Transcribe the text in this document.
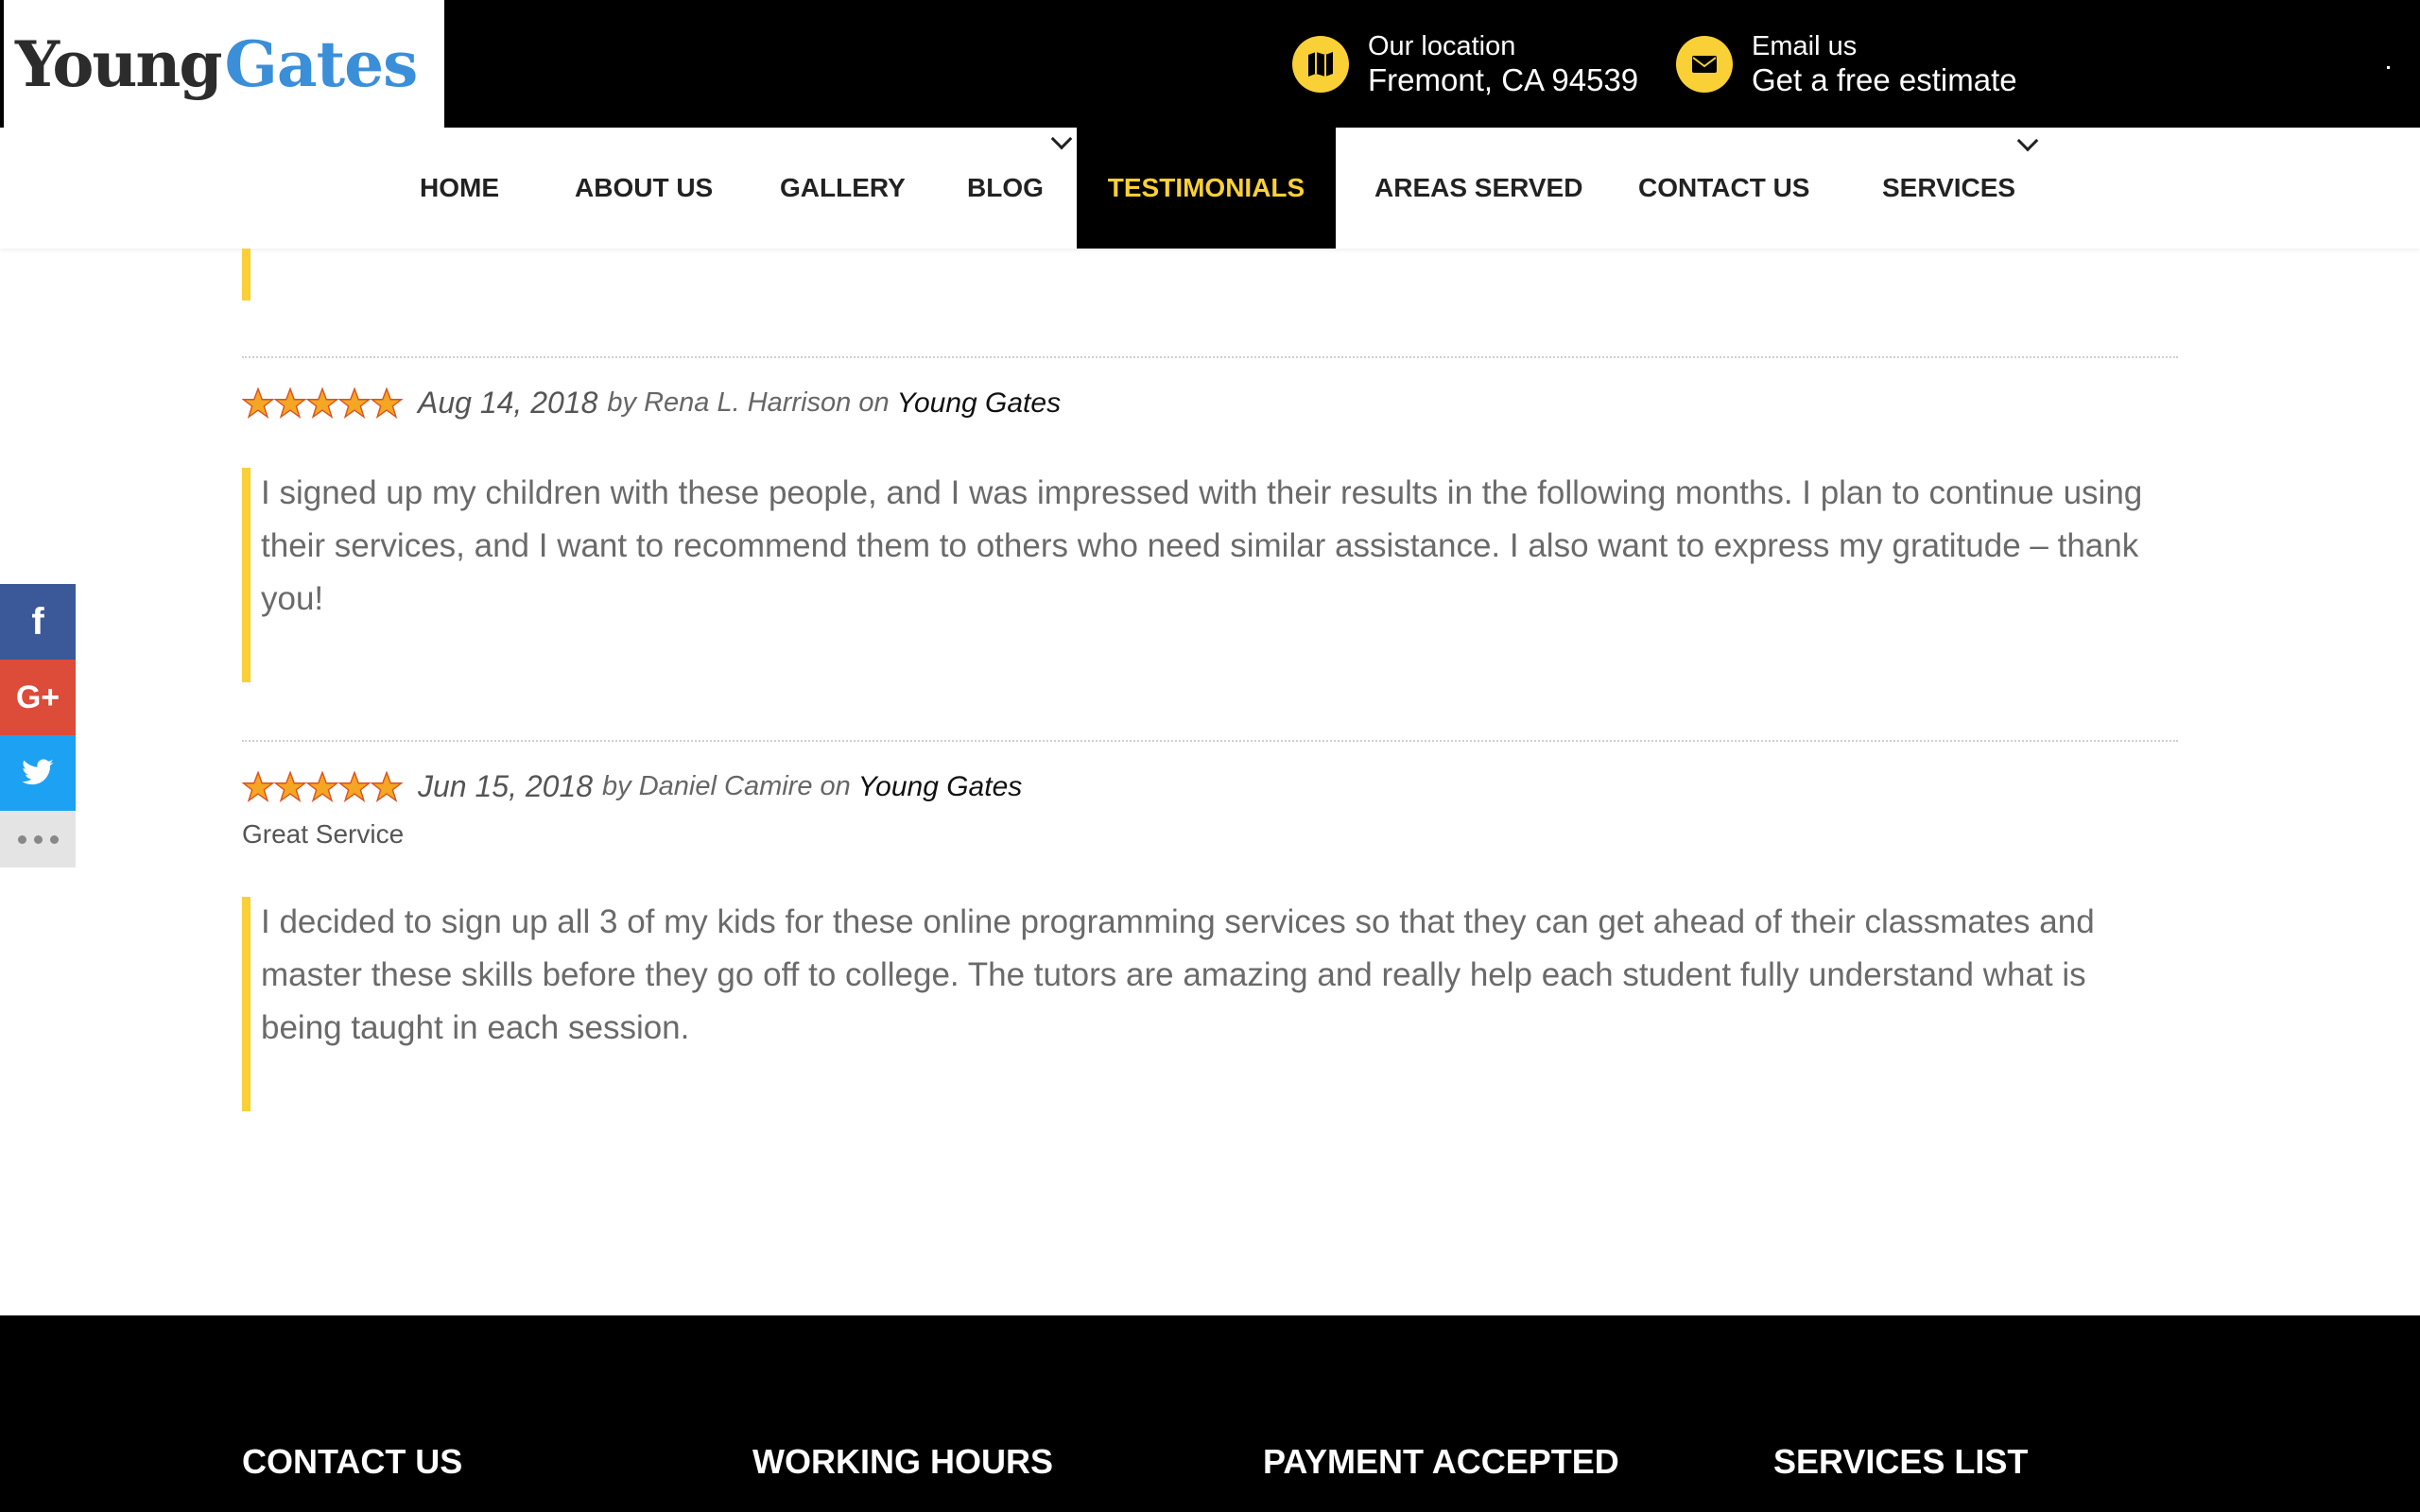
Young Gates	Our location
Fremont, CA 94539
Email us
Get a free estimate
HOME	ABOUT US	GALLERY BLOG	TESTIMONIALS	AREAS SERVED CONTACT US	SERVICES
Aug 14, 2018 by Rena L. Harrison on Young Gates
I signed up my children with these people, and I was impressed with their results in the following months. I plan to continue using their services, and I want to recommend them to others who need similar assistance. I also want to express my gratitude – thank you!
Jun 15, 2018 by Daniel Camire on Young Gates
Great Service
I decided to sign up all 3 of my kids for these online programming services so that they can get ahead of their classmates and master these skills before they go off to college. The tutors are amazing and really help each student fully understand what is being taught in each session.
f
G+
CONTACT US	WORKING HOURS	PAYMENT ACCEPTED	SERVICES LIST
